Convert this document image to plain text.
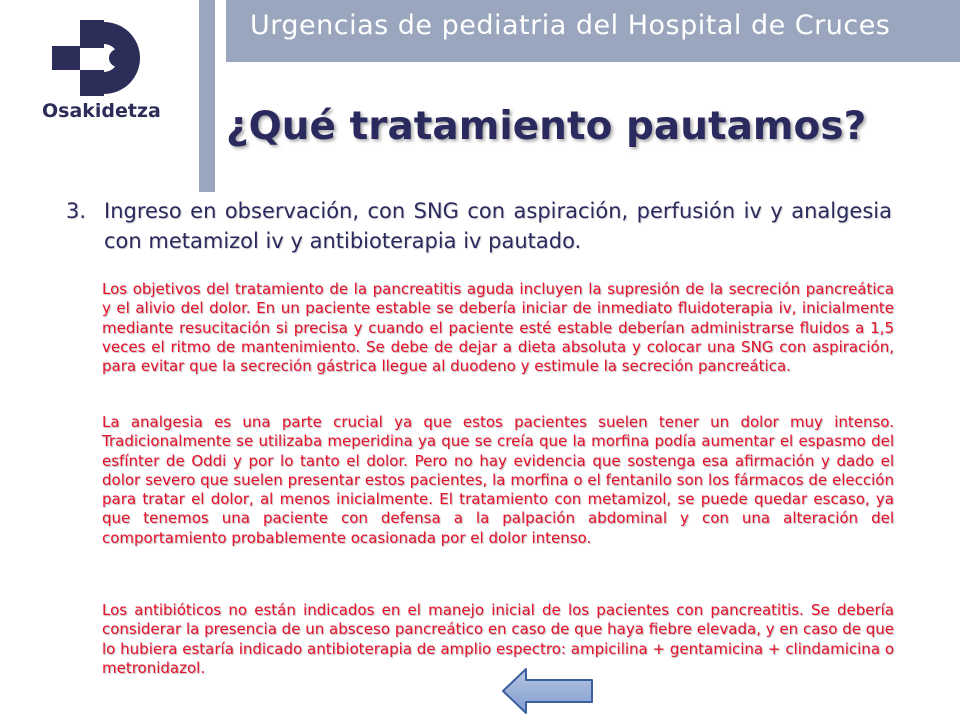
Osakidetza
Urgencias de pediatria del Hospital de Cruces
¿Qué tratamiento pautamos?
3. Ingreso en observación, con SNG con aspiración, perfusión iv y analgesia con metamizol iv y antibioterapia iv pautado.
Los objetivos del tratamiento de la pancreatitis aguda incluyen la supresión de la secreción pancreática y el alivio del dolor. En un paciente estable se debería iniciar de inmediato fluidoterapia iv, inicialmente mediante resucitación si precisa y cuando el paciente esté estable deberían administrarse fluidos a 1,5 veces el ritmo de mantenimiento. Se debe de dejar a dieta absoluta y colocar una SNG con aspiración, para evitar que la secreción gástrica llegue al duodeno y estimule la secreción pancreática.
La analgesia es una parte crucial ya que estos pacientes suelen tener un dolor muy intenso. Tradicionalmente se utilizaba meperidina ya que se creía que la morfina podía aumentar el espasmo del esfínter de Oddi y por lo tanto el dolor. Pero no hay evidencia que sostenga esa afirmación y dado el dolor severo que suelen presentar estos pacientes, la morfina o el fentanilo son los fármacos de elección para tratar el dolor, al menos inicialmente. El tratamiento con metamizol, se puede quedar escaso, ya que tenemos una paciente con defensa a la palpación abdominal y con una alteración del comportamiento probablemente ocasionada por el dolor intenso.
Los antibióticos no están indicados en el manejo inicial de los pacientes con pancreatitis. Se debería considerar la presencia de un absceso pancreático en caso de que haya fiebre elevada, y en caso de que lo hubiera estaría indicado antibioterapia de amplio espectro: ampicilina + gentamicina + clindamicina o metronidazol.
